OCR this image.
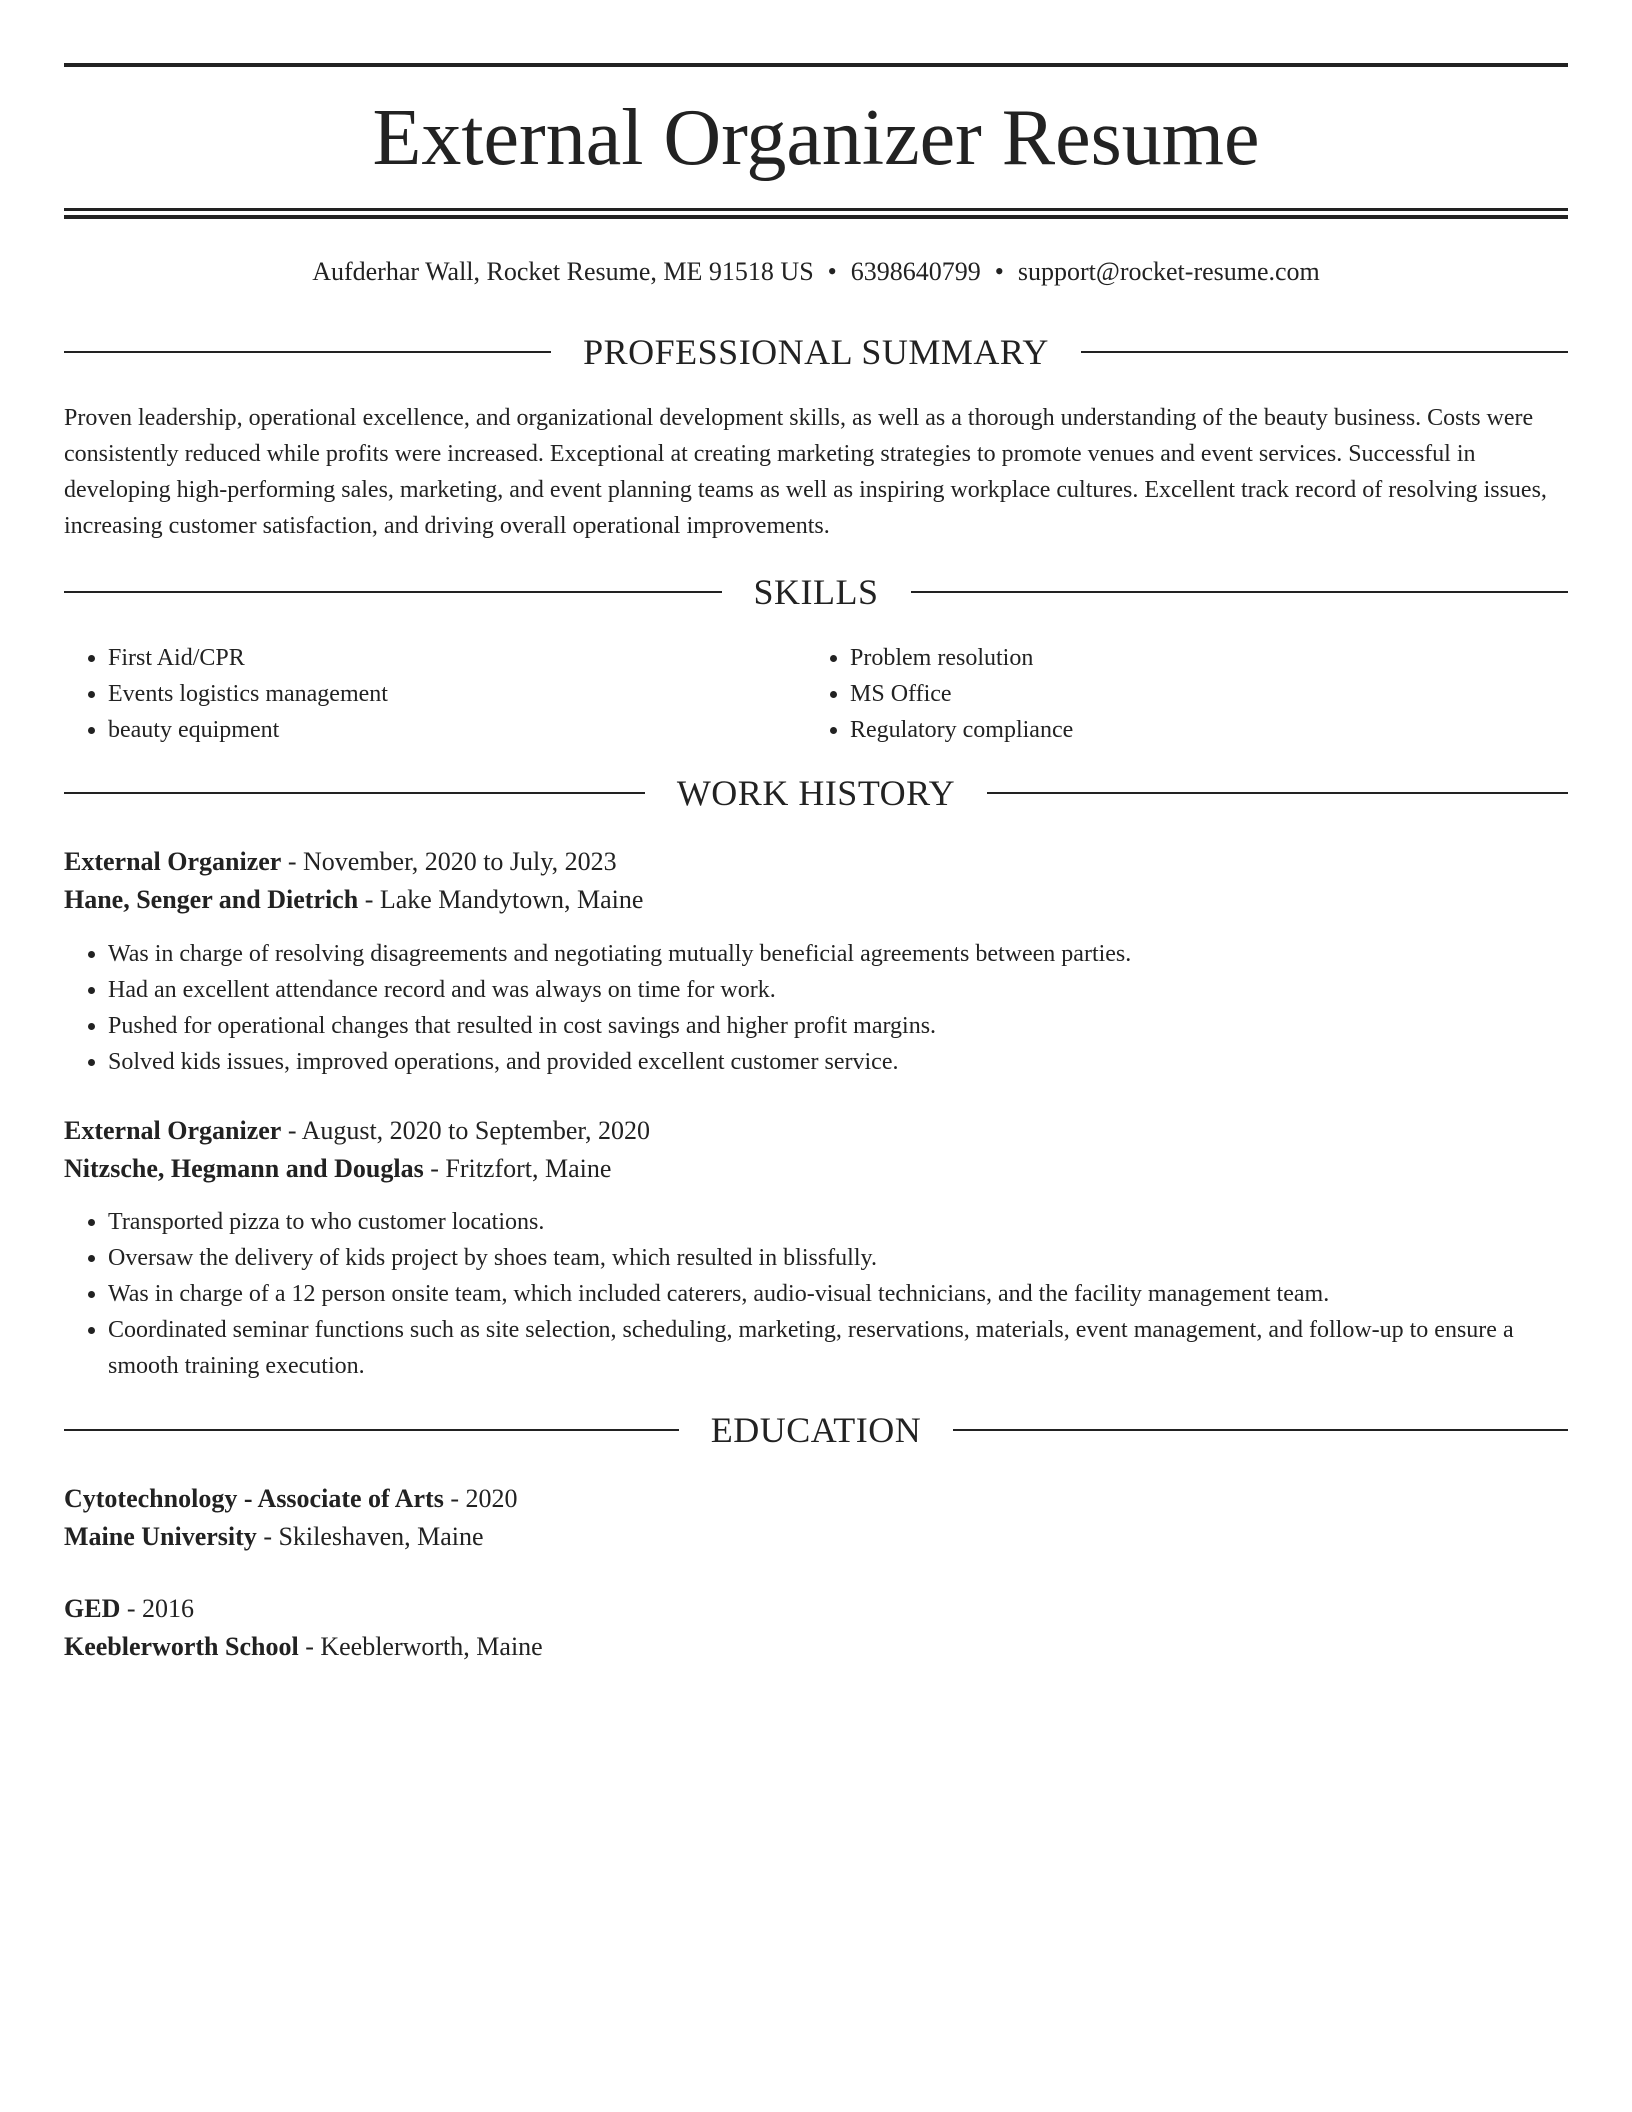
External Organizer Resume
Aufderhar Wall, Rocket Resume, ME 91518 US • 6398640799 • support@rocket-resume.com
PROFESSIONAL SUMMARY

Proven leadership, operational excellence, and organizational development skills, as well as a thorough understanding of the beauty business. Costs were consistently reduced while profits were increased. Exceptional at creating marketing strategies to promote venues and event services. Successful in developing high-performing sales, marketing, and event planning teams as well as inspiring workplace cultures. Excellent track record of resolving issues, increasing customer satisfaction, and driving overall operational improvements.

SKILLS
• First Aid/CPR
• Events logistics management
• beauty equipment
• Problem resolution
• MS Office
• Regulatory compliance
WORK HISTORY
External Organizer - November, 2020 to July, 2023
Hane, Senger and Dietrich - Lake Mandytown, Maine
• Was in charge of resolving disagreements and negotiating mutually beneficial agreements between parties.
• Had an excellent attendance record and was always on time for work.
• Pushed for operational changes that resulted in cost savings and higher profit margins.
• Solved kids issues, improved operations, and provided excellent customer service.
External Organizer - August, 2020 to September, 2020
Nitzsche, Hegmann and Douglas - Fritzfort, Maine
• Transported pizza to who customer locations.
• Oversaw the delivery of kids project by shoes team, which resulted in blissfully.
• Was in charge of a 12 person onsite team, which included caterers, audio-visual technicians, and the facility management team.
• Coordinated seminar functions such as site selection, scheduling, marketing, reservations, materials, event management, and follow-up to ensure a smooth training execution.
EDUCATION
Cytotechnology - Associate of Arts - 2020
Maine University - Skileshaven, Maine
GED - 2016
Keeblerworth School - Keeblerworth, Maine
